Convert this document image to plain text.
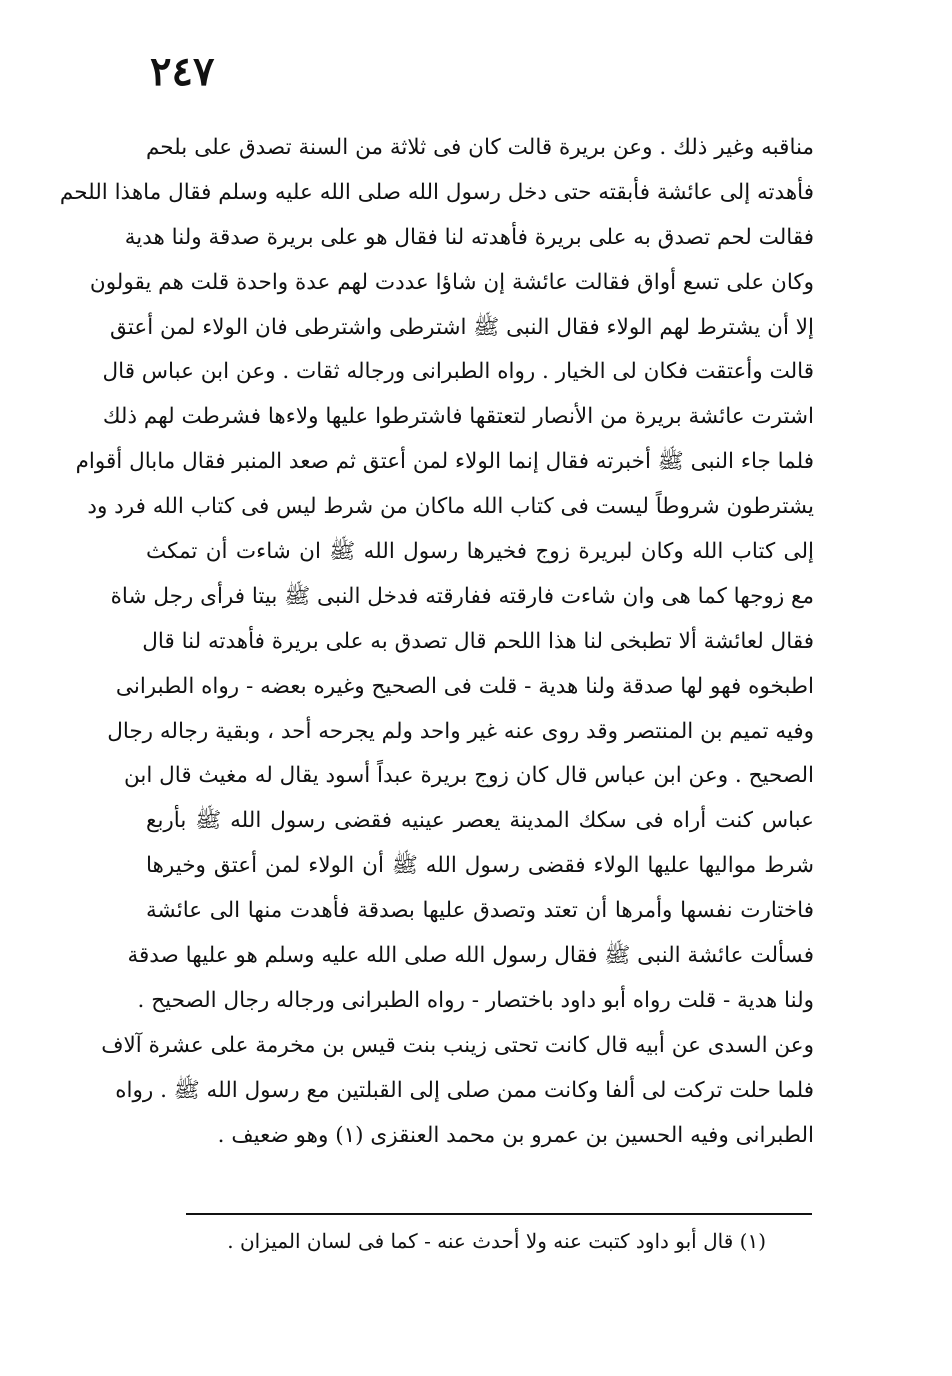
٢٤٧
مناقبه وغير ذلك . وعن بريرة قالت كان فى ثلاثة من السنة تصدق على بلحم
فأهدته إلى عائشة فأبقته حتى دخل رسول الله صلى الله عليه وسلم فقال ماهذا اللحم
فقالت لحم تصدق به على بريرة فأهدته لنا فقال هو على بريرة صدقة ولنا هدية
وكان على تسع أواق فقالت عائشة إن شاؤا عددت لهم عدة واحدة قلت هم يقولون
إلا أن يشترط لهم الولاء فقال النبى ﷺ اشترطى واشترطى فان الولاء لمن أعتق
قالت وأعتقت فكان لى الخيار . رواه الطبرانى ورجاله ثقات . وعن ابن عباس قال
اشترت عائشة بريرة من الأنصار لتعتقها فاشترطوا عليها ولاءها فشرطت لهم ذلك
فلما جاء النبى ﷺ أخبرته فقال إنما الولاء لمن أعتق ثم صعد المنبر فقال مابال أقوام
يشترطون شروطاً ليست فى كتاب الله ماكان من شرط ليس فى كتاب الله فرد ود
إلى كتاب الله وكان لبريرة زوج فخيرها رسول الله ﷺ ان شاءت أن تمكث
مع زوجها كما هى وان شاءت فارقته ففارقته فدخل النبى ﷺ بيتا فرأى رجل شاة
فقال لعائشة ألا تطبخى لنا هذا اللحم قال تصدق به على بريرة فأهدته لنا قال
اطبخوه فهو لها صدقة ولنا هدية - قلت فى الصحيح وغيره بعضه - رواه الطبرانى
وفيه تميم بن المنتصر وقد روى عنه غير واحد ولم يجرحه أحد ، وبقية رجاله رجال
الصحيح . وعن ابن عباس قال كان زوج بريرة عبداً أسود يقال له مغيث قال ابن
عباس كنت أراه فى سكك المدينة يعصر عينيه فقضى رسول الله ﷺ بأربع
شرط مواليها عليها الولاء فقضى رسول الله ﷺ أن الولاء لمن أعتق وخيرها
فاختارت نفسها وأمرها أن تعتد وتصدق عليها بصدقة فأهدت منها الى عائشة
فسألت عائشة النبى ﷺ فقال رسول الله صلى الله عليه وسلم هو عليها صدقة
ولنا هدية - قلت رواه أبو داود باختصار - رواه الطبرانى ورجاله رجال الصحيح .
وعن السدى عن أبيه قال كانت تحتى زينب بنت قيس بن مخرمة على عشرة آلاف
فلما حلت تركت لى ألفا وكانت ممن صلى إلى القبلتين مع رسول الله ﷺ . رواه
الطبرانى وفيه الحسين بن عمرو بن محمد العنقزى (١) وهو ضعيف .
(١) قال أبو داود كتبت عنه ولا أحدث عنه - كما فى لسان الميزان .
